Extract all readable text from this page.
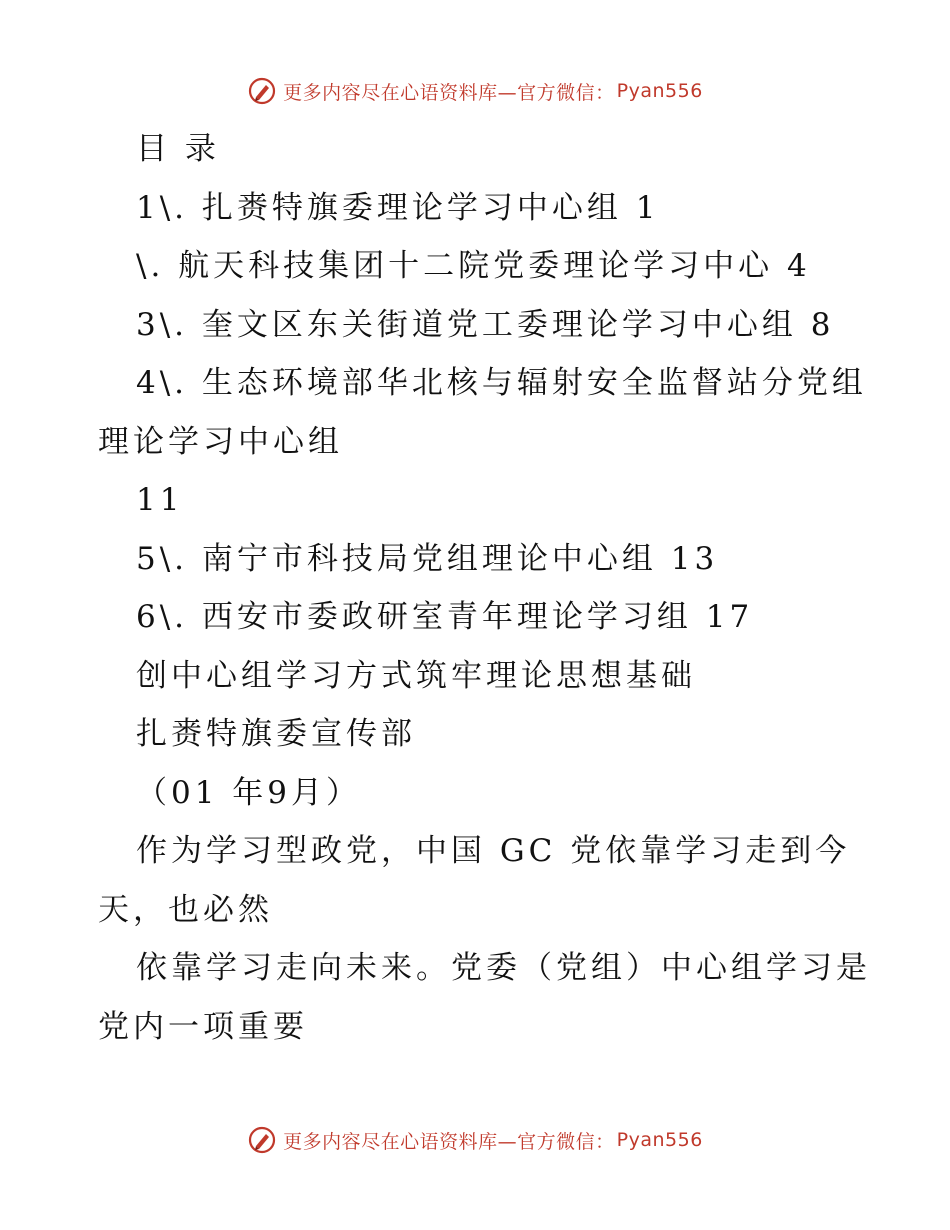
更多内容尽在心语资料库—官方微信： Pyan556
目 录
1\. 扎赉特旗委理论学习中心组 1
\. 航天科技集团十二院党委理论学习中心 4
3\. 奎文区东关街道党工委理论学习中心组 8
4\. 生态环境部华北核与辐射安全监督站分党组
理论学习中心组
11
5\. 南宁市科技局党组理论中心组 13
6\. 西安市委政研室青年理论学习组 17
创中心组学习方式筑牢理论思想基础
扎赉特旗委宣传部
（01 年9月）
作为学习型政党，中国 GC 党依靠学习走到今
天，也必然
依靠学习走向未来。党委（党组）中心组学习是
党内一项重要
更多内容尽在心语资料库—官方微信： Pyan556
